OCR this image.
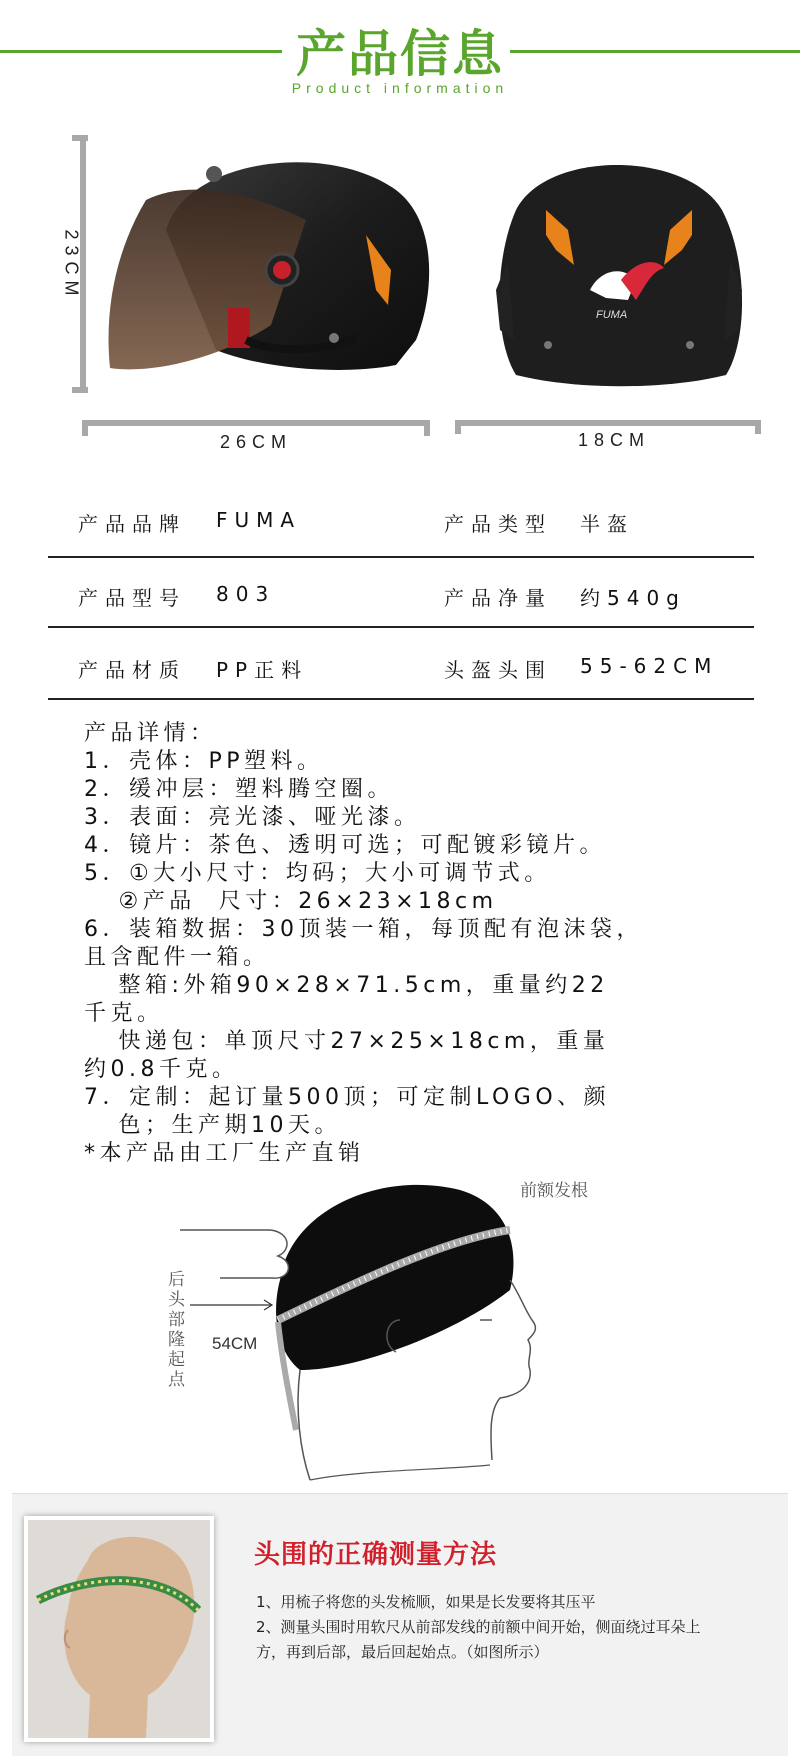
产品信息
Product information
FUMA
23CM
26CM	18CM
产品品牌 FUMA	产品类型 半盔
产品型号 803	产品净量 约540g
产品材质 PP正料	头盔头围 55-62CM
产品详情：
1．壳体：PP塑料。
2．缓冲层：塑料腾空圈。
3．表面：亮光漆、哑光漆。
4．镜片：茶色、透明可选；可配镀彩镜片。
5．①大小尺寸：均码；大小可调节式。
②产品  尺寸：26×23×18cm
6．装箱数据：30顶装一箱，每顶配有泡沫袋，
且含配件一箱。
整箱:外箱90×28×71.5cm，重量约22
千克。
快递包：单顶尺寸27×25×18cm，重量
约0.8千克。
7．定制：起订量500顶；可定制LOGO、颜
色；生产期10天。
*本产品由工厂生产直销
前额发根
后头部隆起点
54CM
头围的正确测量方法
1、用梳子将您的头发梳顺，如果是长发要将其压平
2、测量头围时用软尺从前部发线的前额中间开始，侧面绕过耳朵上
方，再到后部，最后回起始点。（如图所示）
